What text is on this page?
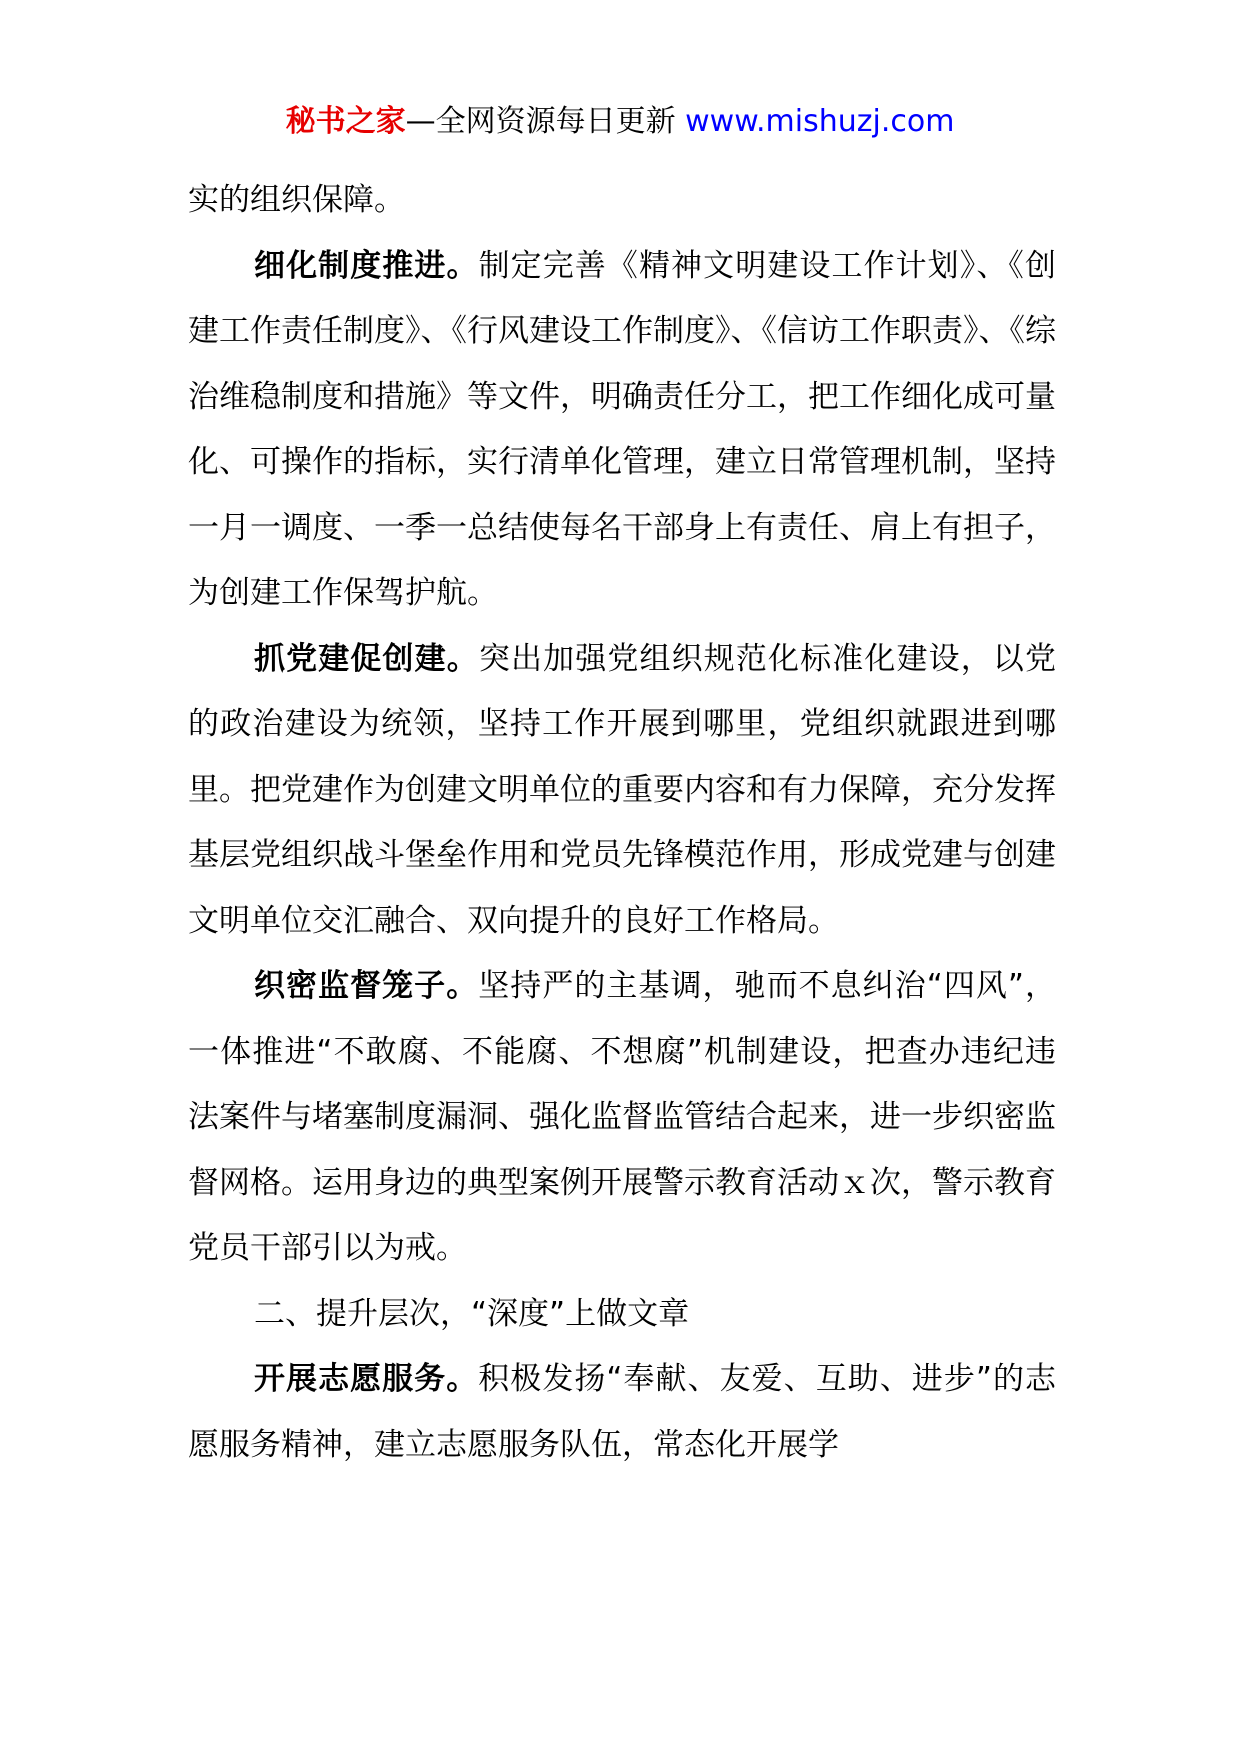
秘书之家—全网资源每日更新 www.mishuzj.com

实的组织保障。

细化制度推进。制定完善《精神文明建设工作计划》、《创建工作责任制度》、《行风建设工作制度》、《信访工作职责》、《综治维稳制度和措施》等文件，明确责任分工，把工作细化成可量化、可操作的指标，实行清单化管理，建立日常管理机制，坚持一月一调度、一季一总结使每名干部身上有责任、肩上有担子，为创建工作保驾护航。

抓党建促创建。突出加强党组织规范化标准化建设，以党的政治建设为统领，坚持工作开展到哪里，党组织就跟进到哪里。把党建作为创建文明单位的重要内容和有力保障，充分发挥基层党组织战斗堡垒作用和党员先锋模范作用，形成党建与创建文明单位交汇融合、双向提升的良好工作格局。

织密监督笼子。坚持严的主基调，驰而不息纠治“四风”，一体推进“不敢腐、不能腐、不想腐”机制建设，把查办违纪违法案件与堵塞制度漏洞、强化监督监管结合起来，进一步织密监督网格。运用身边的典型案例开展警示教育活动ｘ次，警示教育党员干部引以为戒。

二、提升层次，“深度”上做文章

开展志愿服务。积极发扬“奉献、友爱、互助、进步”的志愿服务精神，建立志愿服务队伍，常态化开展学
